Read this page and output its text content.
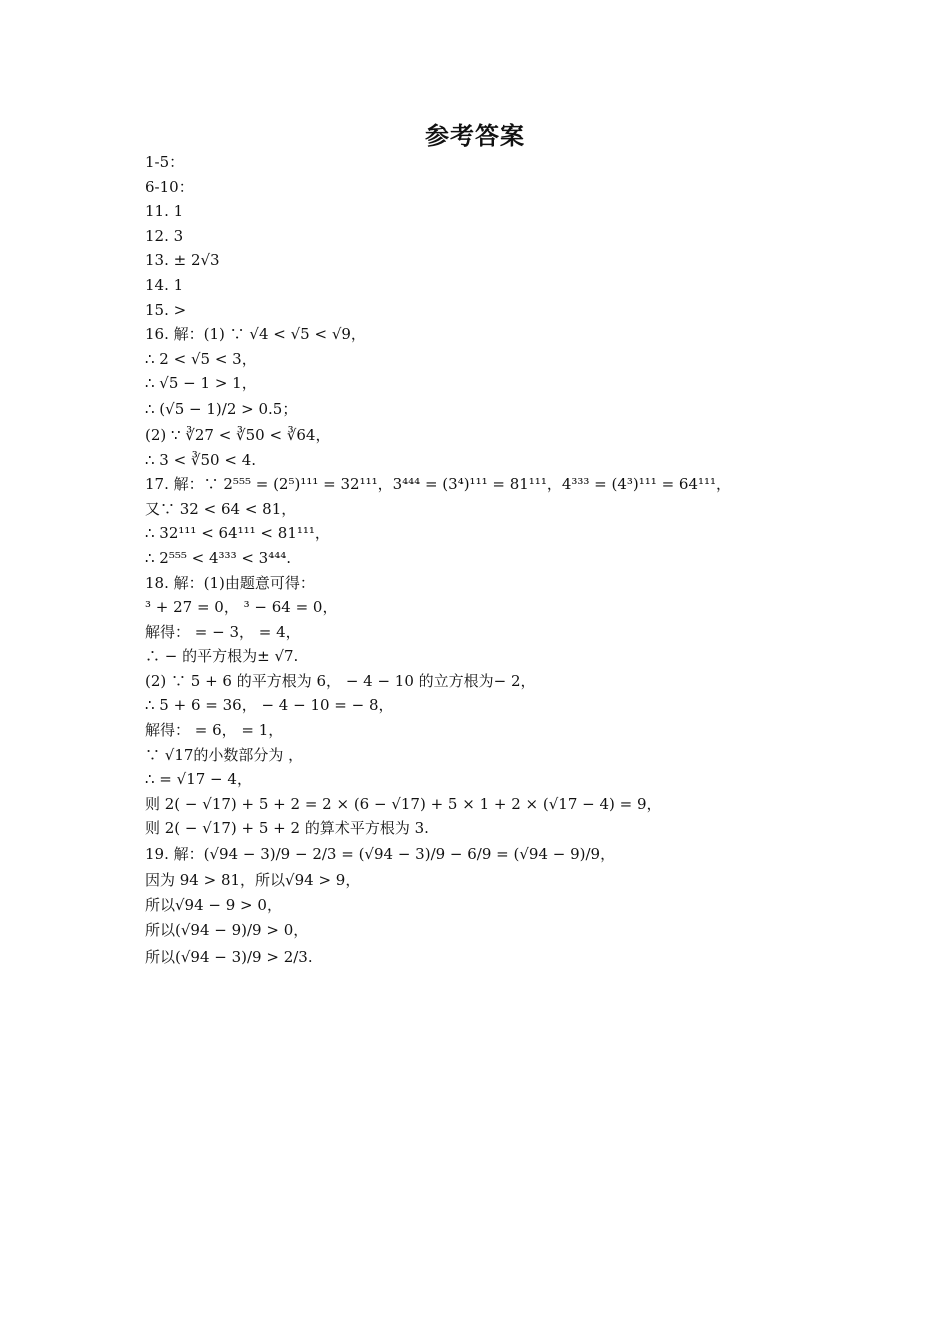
参考答案
1-5：
6-10：
11. 1
12. 3
13. ± 2√3
14. 1
15. >
16. 解：(1) ∵ √4 < √5 < √9，
∴ 2 < √5 < 3，
∴ √5 − 1 > 1，
∴ (√5 − 1)/2 > 0.5；
(2) ∵ ∛27 < ∛50 < ∛64，
∴ 3 < ∛50 < 4.
17. 解：∵ 2⁵⁵⁵ = (2⁵)¹¹¹ = 32¹¹¹，3⁴⁴⁴ = (3⁴)¹¹¹ = 81¹¹¹，4³³³ = (4³)¹¹¹ = 64¹¹¹，
又∵ 32 < 64 < 81，
∴ 32¹¹¹ < 64¹¹¹ < 81¹¹¹，
∴ 2⁵⁵⁵ < 4³³³ < 3⁴⁴⁴.
18. 解：(1)由题意可得：
³ + 27 = 0， ³ − 64 = 0，
解得： = − 3， = 4，
∴ − 的平方根为± √7.
(2) ∵ 5 + 6 的平方根为 6， − 4 − 10 的立方根为− 2，
∴ 5 + 6 = 36， − 4 − 10 = − 8，
解得： = 6， = 1，
∵ √17的小数部分为 ，
∴ = √17 − 4，
则 2( − √17) + 5 + 2 = 2 × (6 − √17) + 5 × 1 + 2 × (√17 − 4) = 9，
则 2( − √17) + 5 + 2 的算术平方根为 3.
19. 解：(√94 − 3)/9 − 2/3 = (√94 − 3)/9 − 6/9 = (√94 − 9)/9，
因为 94 > 81，所以√94 > 9，
所以√94 − 9 > 0，
所以(√94 − 9)/9 > 0，
所以(√94 − 3)/9 > 2/3.
